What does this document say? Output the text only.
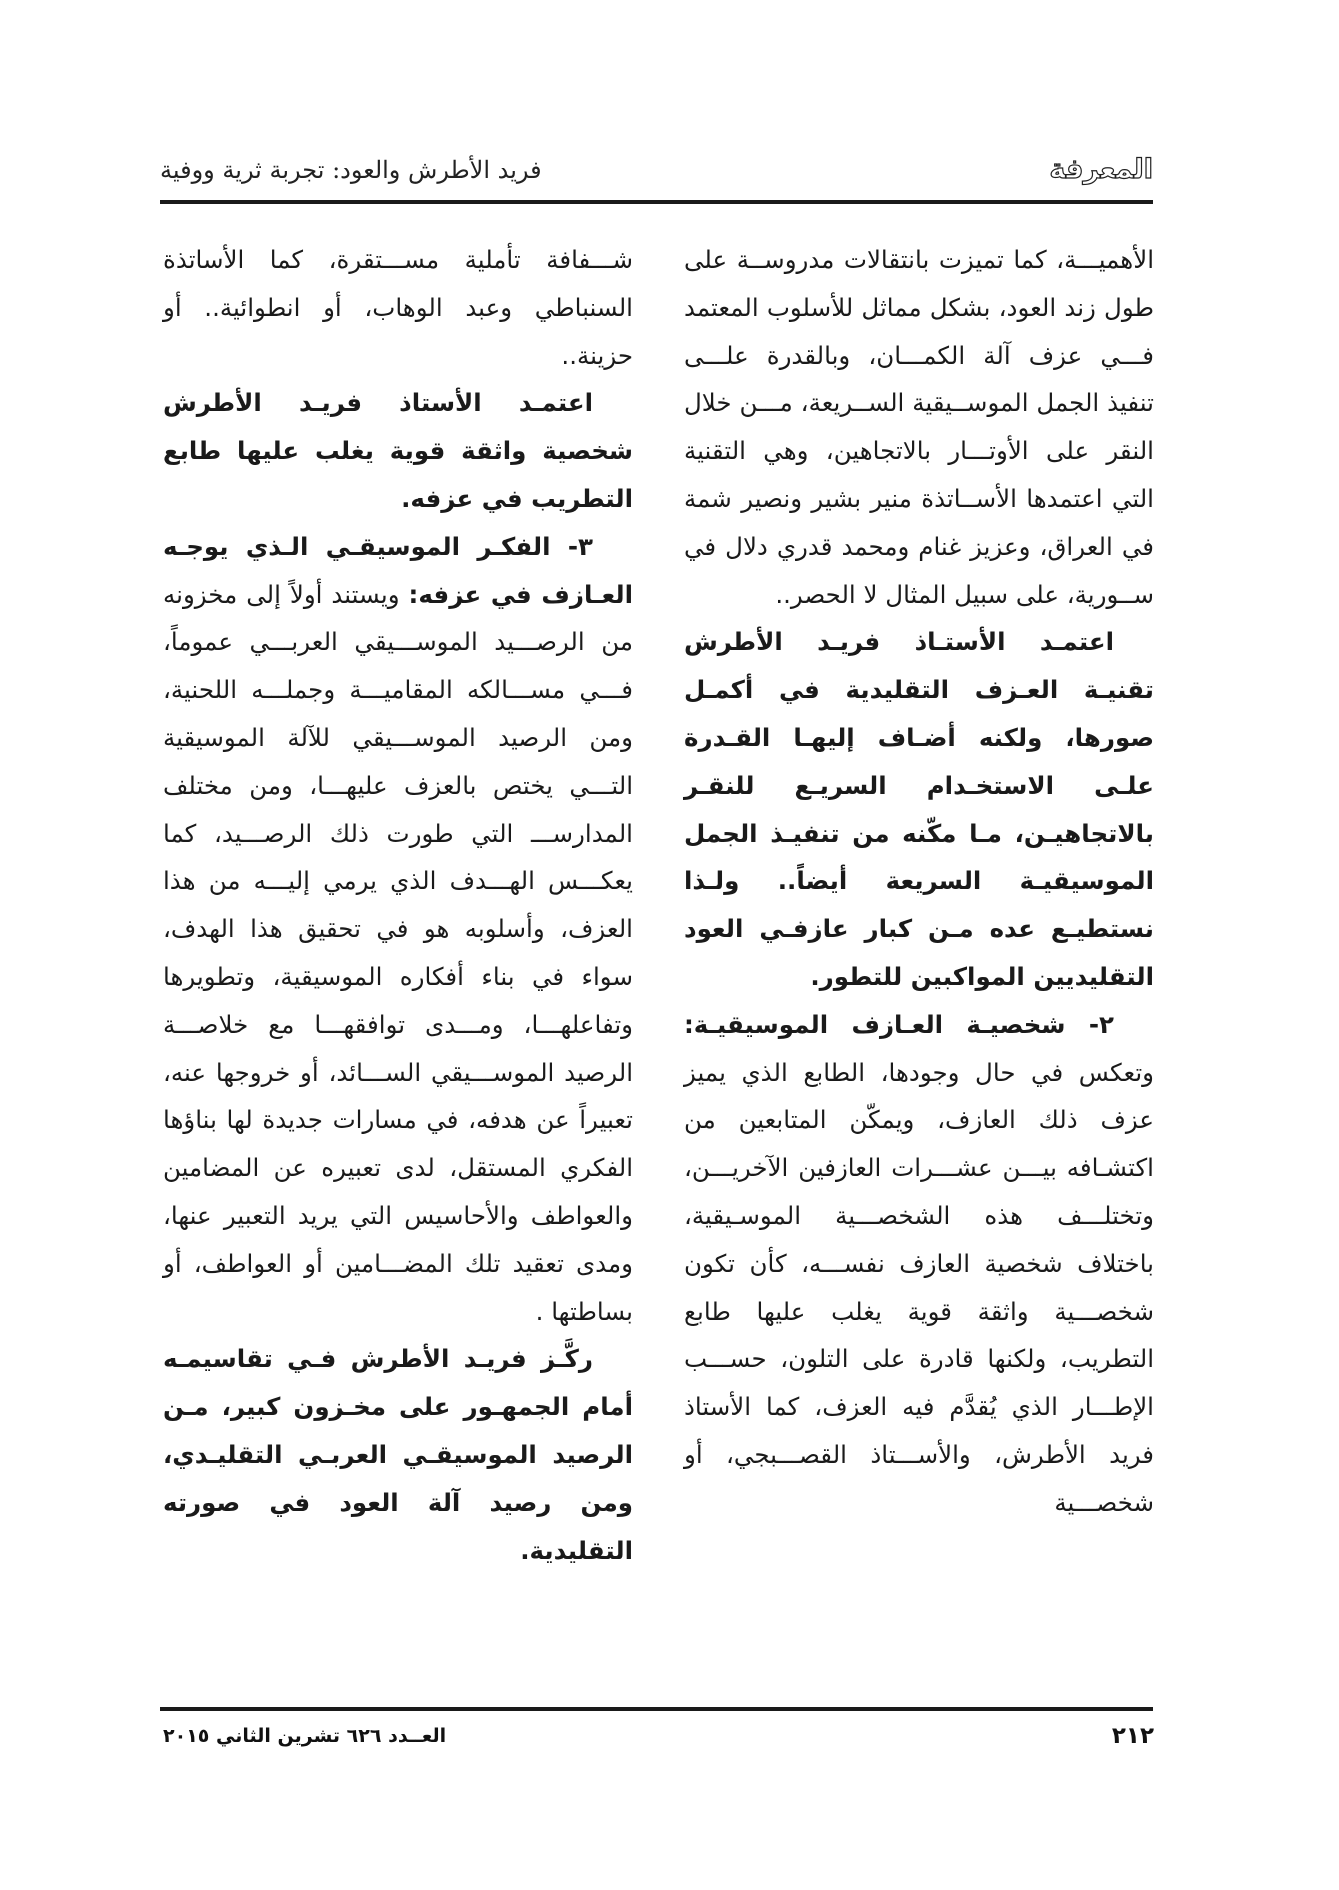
المعرفة
فريد الأطرش والعود: تجربة ثرية ووفية

الأهميـــة، كما تميزت بانتقالات مدروســة على طول زند العود، بشكل مماثل للأسلوب المعتمد فـــي عزف آلة الكمـــان، وبالقدرة علـــى تنفيذ الجمل الموســيقية الســريعة، مـــن خلال النقر على الأوتـــار بالاتجاهين، وهي التقنية التي اعتمدها الأســاتذة منير بشير ونصير شمة في العراق، وعزيز غنام ومحمد قدري دلال في ســورية، على سبيل المثال لا الحصر..

اعتمـد الأستـاذ فريـد الأطرش تقنيـة العـزف التقليدية في أكمـل صورها، ولكنه أضـاف إليهـا القـدرة علـى الاستخـدام السريـع للنقـر بالاتجاهيـن، مـا مكّنه من تنفيـذ الجمل الموسيقيـة السريعة أيضاً.. ولـذا نستطيـع عده مـن كبار عازفـي العود التقليديين المواكبين للتطور.

٢- شخصيـة العـازف الموسيقيـة: وتعكس في حال وجودها، الطابع الذي يميز عزف ذلك العازف، ويمكّن المتابعين من اكتشـافه بيـــن عشـــرات العازفين الآخريـــن، وتختلـــف هذه الشخصـــية الموسـيقية، باختلاف شخصية العازف نفســـه، كأن تكون شخصـــية واثقة قوية يغلب عليها طابع التطريب، ولكنها قادرة على التلون، حســـب الإطـــار الذي يُقدَّم فيه العزف، كما الأستاذ فريد الأطرش، والأســـتاذ القصـــبجي، أو شخصـــية

شـــفافة تأملية مســـتقرة، كما الأساتذة السنباطي وعبد الوهاب، أو انطوائية.. أو حزينة..

اعتمـد الأستاذ فريـد الأطرش شخصية واثقة قوية يغلب عليها طابع التطريب في عزفه.

٣- الفكـر الموسيقـي الـذي يوجـه العـازف في عزفه: ويستند أولاً إلى مخزونه من الرصـــيد الموســـيقي العربـــي عموماً، فـــي مســـالكه المقاميـــة وجملـــه اللحنية، ومن الرصيد الموســـيقي للآلة الموسيقية التـــي يختص بالعزف عليهـــا، ومن مختلف المدارســـ التي طورت ذلك الرصـــيد، كما يعكـــس الهـــدف الذي يرمي إليـــه من هذا العزف، وأسلوبه هو في تحقيق هذا الهدف، سواء في بناء أفكاره الموسيقية، وتطويرها وتفاعلهـــا، ومـــدى توافقهـــا مع خلاصـــة الرصيد الموســـيقي الســـائد، أو خروجها عنه، تعبيراً عن هدفه، في مسارات جديدة لها بناؤها الفكري المستقل، لدى تعبيره عن المضامين والعواطف والأحاسيس التي يريد التعبير عنها، ومدى تعقيد تلك المضـــامين أو العواطف، أو بساطتها .

ركَّـز فريـد الأطرش فـي تقاسيمـه أمام الجمهـور على مخـزون كبير، مـن الرصيد الموسيقـي العربـي التقليـدي، ومن رصيد آلة العود في صورته التقليدية.

٢١٢
العــدد ٦٢٦ تشرين الثاني ٢٠١٥
